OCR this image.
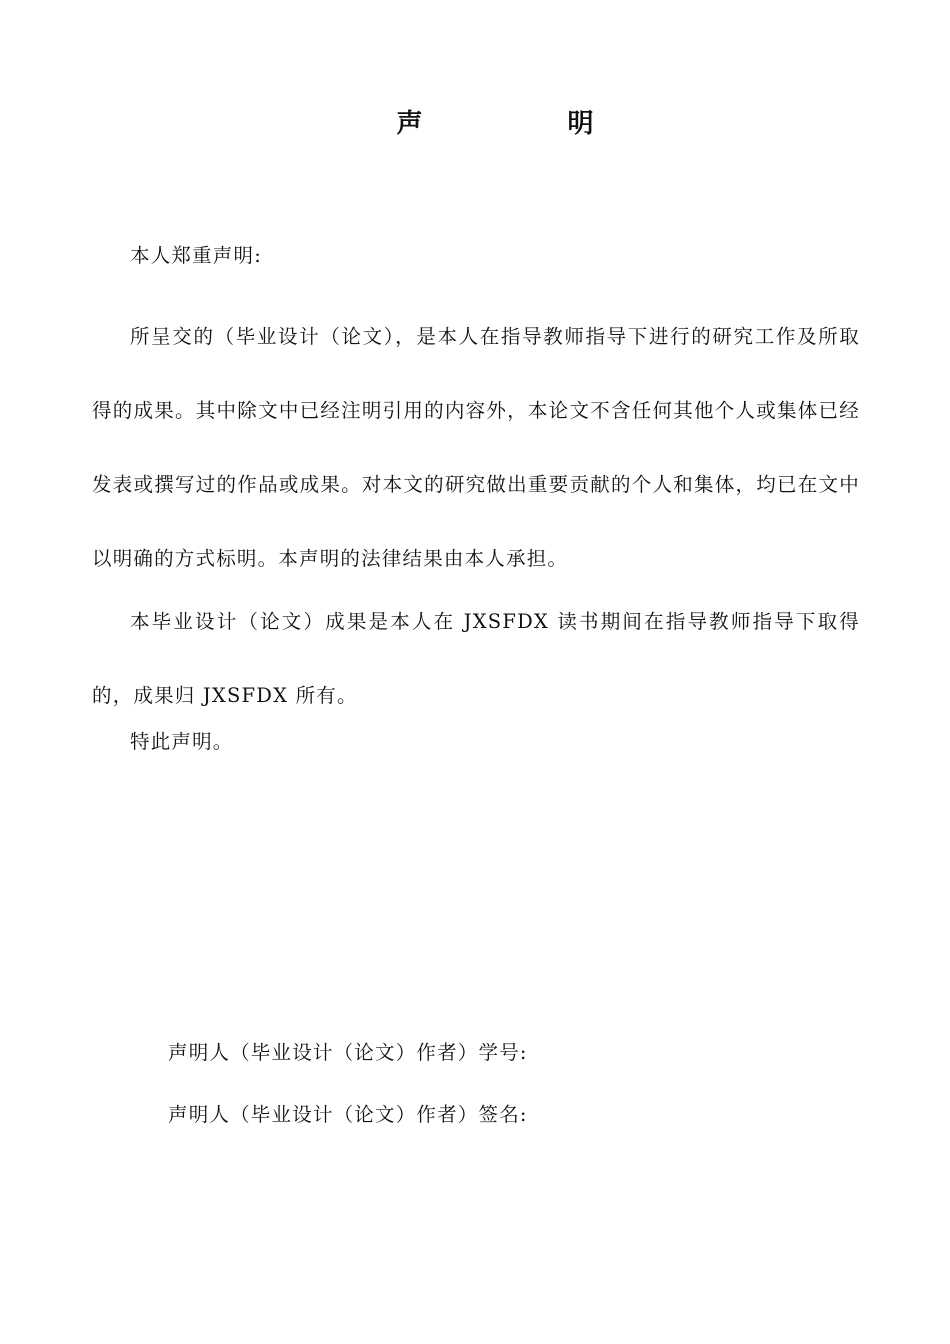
声 明
本人郑重声明:
所呈交的（毕业设计（论文），是本人在指导教师指导下进行的研究工作及所取得的成果。其中除文中已经注明引用的内容外，本论文不含任何其他个人或集体已经发表或撰写过的作品或成果。对本文的研究做出重要贡献的个人和集体，均已在文中以明确的方式标明。本声明的法律结果由本人承担。
本毕业设计（论文）成果是本人在 JXSFDX 读书期间在指导教师指导下取得的，成果归 JXSFDX 所有。
特此声明。
声明人（毕业设计（论文）作者）学号:
声明人（毕业设计（论文）作者）签名:
